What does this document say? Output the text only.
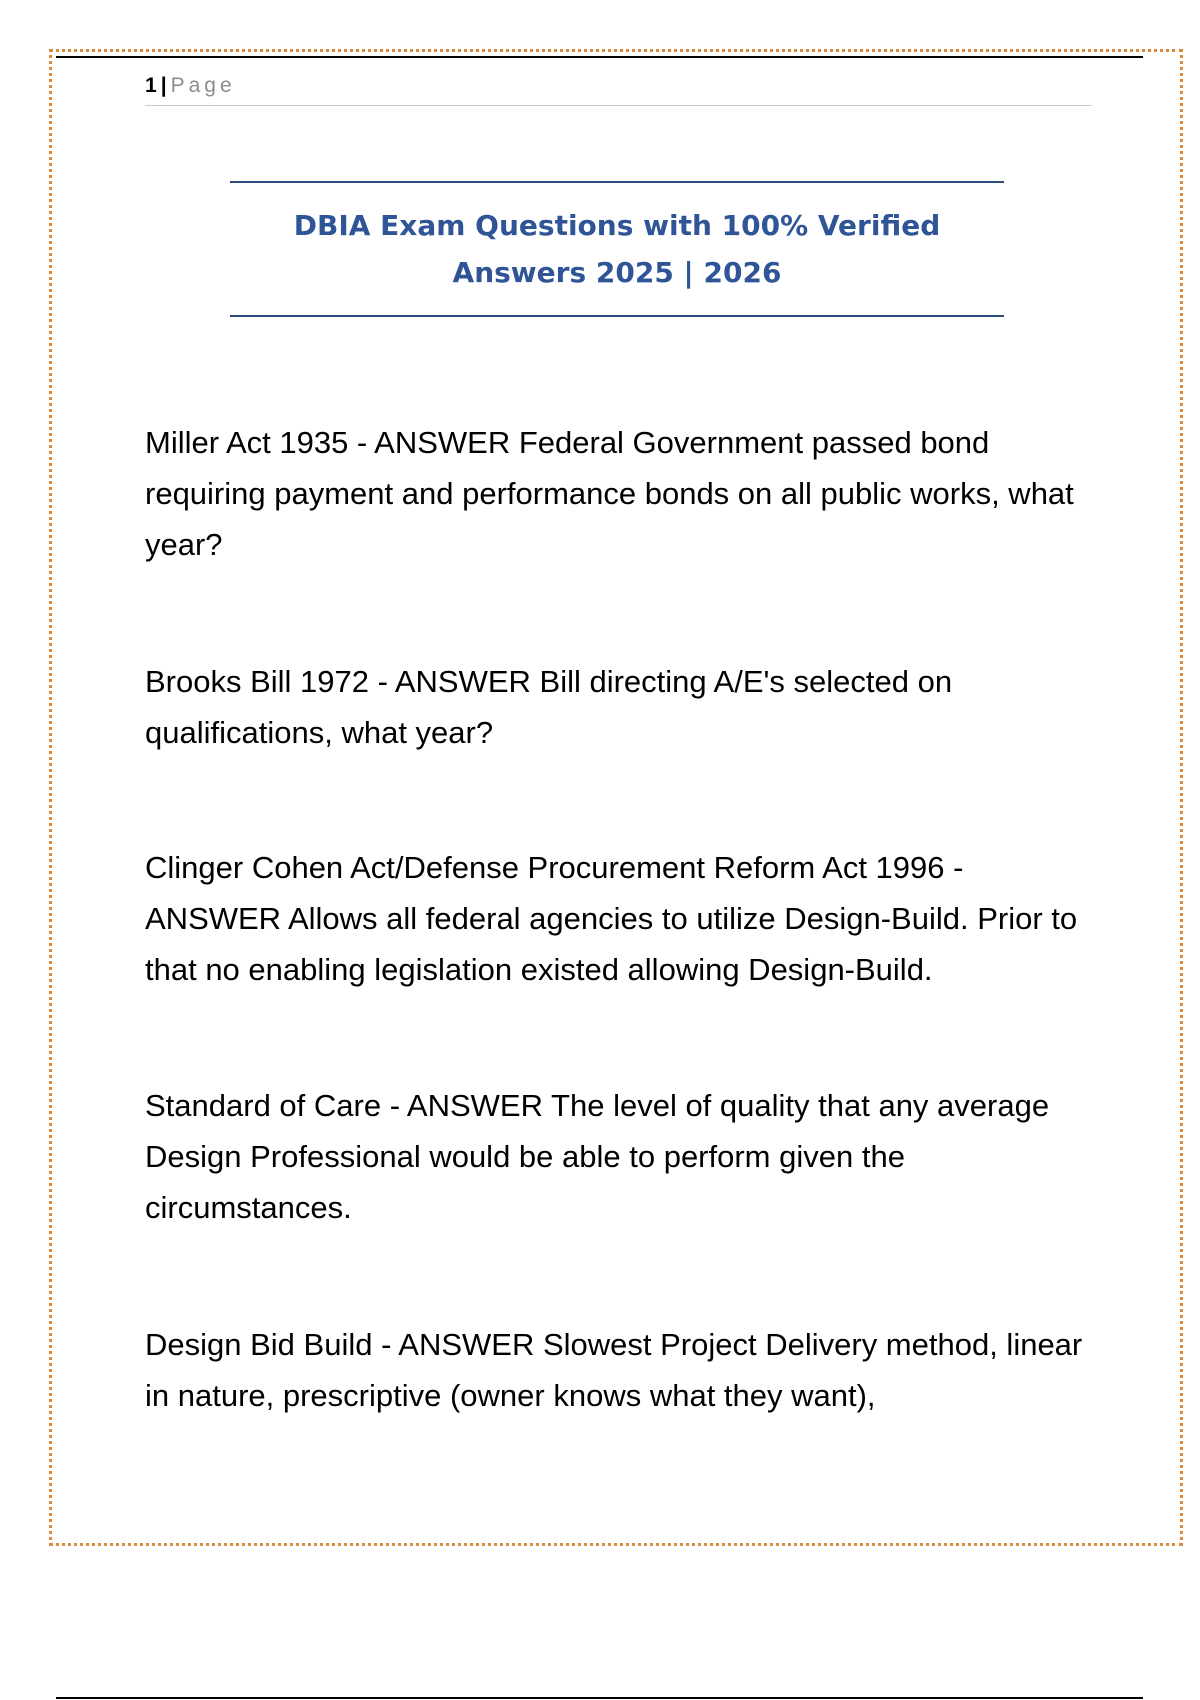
1 | Page
DBIA Exam Questions with 100% Verified
Answers 2025 | 2026

Miller Act 1935 - ANSWER Federal Government passed bond requiring payment and performance bonds on all public works, what year?

Brooks Bill 1972 - ANSWER Bill directing A/E's selected on qualifications, what year?

Clinger Cohen Act/Defense Procurement Reform Act 1996 - ANSWER Allows all federal agencies to utilize Design-Build. Prior to that no enabling legislation existed allowing Design-Build.

Standard of Care - ANSWER The level of quality that any average Design Professional would be able to perform given the circumstances.

Design Bid Build - ANSWER Slowest Project Delivery method, linear in nature, prescriptive (owner knows what they want),
